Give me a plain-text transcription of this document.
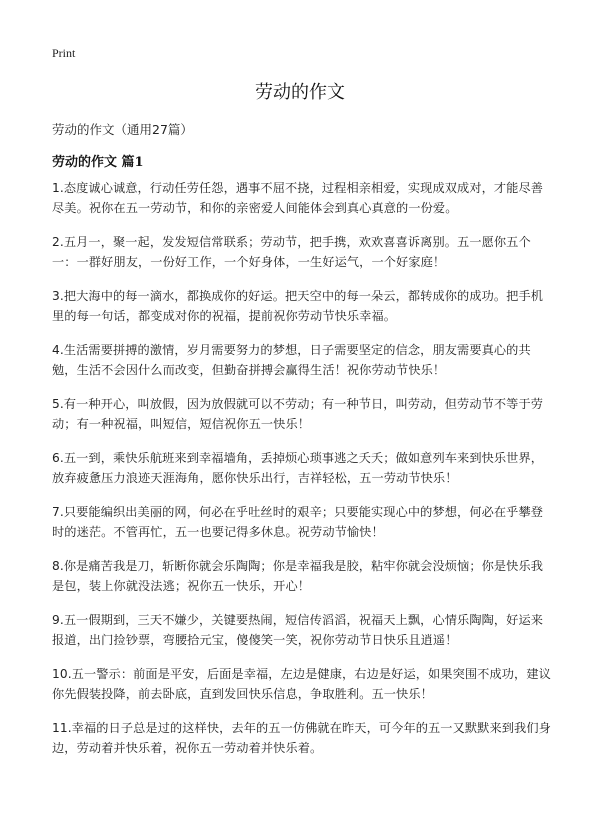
Print
劳动的作文
劳动的作文（通用27篇）
劳动的作文 篇1

1.态度诚心诚意，行动任劳任怨，遇事不屈不挠，过程相亲相爱，实现成双成对，才能尽善尽美。祝你在五一劳动节，和你的亲密爱人间能体会到真心真意的一份爱。

2.五月一，聚一起，发发短信常联系；劳动节，把手携，欢欢喜喜诉离别。五一愿你五个一：一群好朋友，一份好工作，一个好身体，一生好运气，一个好家庭！

3.把大海中的每一滴水，都换成你的好运。把天空中的每一朵云，都转成你的成功。把手机里的每一句话，都变成对你的祝福，提前祝你劳动节快乐幸福。

4.生活需要拼搏的激情，岁月需要努力的梦想，日子需要坚定的信念，朋友需要真心的共勉，生活不会因什么而改变，但勤奋拼搏会赢得生活！祝你劳动节快乐！

5.有一种开心，叫放假，因为放假就可以不劳动；有一种节日，叫劳动，但劳动节不等于劳动；有一种祝福，叫短信，短信祝你五一快乐！

6.五一到，乘快乐航班来到幸福墙角，丢掉烦心琐事逃之夭夭；做如意列车来到快乐世界，放弃疲惫压力浪迹天涯海角，愿你快乐出行，吉祥轻松，五一劳动节快乐！

7.只要能编织出美丽的网，何必在乎吐丝时的艰辛；只要能实现心中的梦想，何必在乎攀登时的迷茫。不管再忙，五一也要记得多休息。祝劳动节愉快！

8.你是痛苦我是刀，斩断你就会乐陶陶；你是幸福我是胶，粘牢你就会没烦恼；你是快乐我是包，装上你就没法逃；祝你五一快乐，开心！

9.五一假期到，三天不嫌少，关键要热闹，短信传滔滔，祝福天上飘，心情乐陶陶，好运来报道，出门捡钞票，弯腰拾元宝，傻傻笑一笑，祝你劳动节日快乐且逍遥！

10.五一警示：前面是平安，后面是幸福，左边是健康，右边是好运，如果突围不成功，建议你先假装投降，前去卧底，直到发回快乐信息，争取胜利。五一快乐！

11.幸福的日子总是过的这样快，去年的五一仿佛就在昨天，可今年的五一又默默来到我们身边，劳动着并快乐着，祝你五一劳动着并快乐着。
